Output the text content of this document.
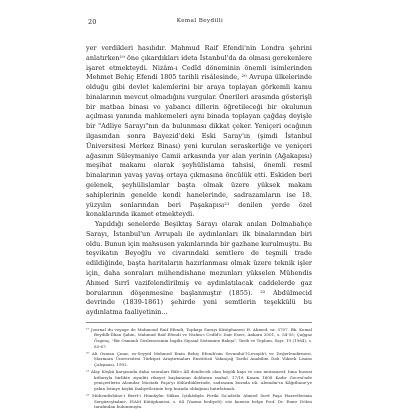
20	Kemal Beydilli

yer verdikleri hasılıdır. Mahmud Raif Efendi'nin Londra şehrini anlatırken¹⁹ öne çıkardıkları ideta İstanbul'da da olması gerekenlere işaret etmekteydi. Nizâm-ı Cedîd döneminin önemli isimlerinden Mehmet Behiç Efendi 1805 tarihli risâlesinde, ²⁰ Avrupa ülkelerinde olduğu gibi devlet kalemlerini bir araya toplayan görkemli kamu binalarının mevcut olmadığını vurgular. Önerileri arasında gösterişli bir matbaa binası ve yabancı dillerin öğretileceği bir okulunun açılması yanında mahkemeleri aynı binada toplayan çağdaş deyişle bir "Adliye Sarayı"nın da bulunması dikkat çeker. Yeniçeri ocağının ilgasından sonra Bayezid'deki Eski Saray'ın (şimdi İstanbul Üniversitesi Merkez Binası) yeni kurulan seraskerliğe ve yeniçeri ağasının Süleymaniye Camii arkasında yer alan yerinin (Ağakapısı) meşihat makamı olarak şeyhülislama tahsisi, önemli resmî binalarının yavaş yavaş ortaya çıkmasına öncülük etti. Eskiden beri gelenek, şeyhülislamlar başta olmak üzere yüksek makam sahiplerinin genelde kendi hanelerinde, sadrazamların ise 18. yüzyılın sonlarından beri Paşakapısı²¹ denilen yerde özel konaklarında ikamet etmekteydi.

Yapıldığı senelerde Beşiktaş Sarayı olarak anılan Dolmabahçe Sarayı, İstanbul'un Avrupalı ile aydınlanları ilk binalarından biri oldu. Bunun için mahsusen yakınlarında bir gazhane kurulmuştu. Bu teşvikatın Beyoğlu ve civarındaki semtlere de teşmili trade edildiğinde, başta haritaların hazırlanması olmak üzere teknik işler için, daha sonraları mühendishane mezunları yükselen Mühendis Ahmed Sırrî vazifelendirilmiş ve aydınlatılacak caddelerde gaz borularının döşenmesine başlanmıştır (1855). ²² Abdülmecid devrinde (1839-1861) şehirde yeni semtlerin teşekkülü bu aydınlatma faaliyetinin...

¹⁹ Journal du voyage de Mahmoud Raif Efendi, Topkapı Sarayı Kütüphanesi H. Ahmed, nr. 3707. Bk. Kemal Beydilli-İlhan Şahin, Mahmud Raif Efendi ve Nizâm-ı Cedîd'e Dair Eseri, Ankara 2001, s. 54-55; Çağgaz Özgenç, "Bir Osmanlı Gözlemcisinin İngiliz Siyasal Sistemine Bakışı", Tarih ve Toplum, Sayı: 19 (1984), s. 63-67.

²⁰ Ali Osman Çınar, es-Seyyid Mehmed Emin Behiç Efendi'nin Sevanihü'l-Levayih'i ve Değerlendirmesi, Marmara Üniversitesi Türkiyat Araştırmaları Enstitüsü Yakınçağ Tarihi Anabilim Dalı Yüksek Lisans Çalışması, 1992.

²¹ Alay Köşkü karşısında daha sonraları Bâb-ı Âlî denilecek olan büyük kapı ve ona mutasarrıf, bina hususi kitlarıyla birlikte ziyaditi rikayet başkanının dolduran mahal. 17/18 Kasım 1808 Kadir Gecesi'nde yeniçerilerin Alemdar Mustafa Paşa'yı öldürdüklerinde, sadrazam burada idi. Alemdar'ın Kâğıthane'ye yakın İstinye köşkü faaliyetlerinin hep burada olduğunu hatırlatmalı.

²² Mühendishâne-i Berrî-i Hümâyûn Nâkısı İçtihâdıyla Feriki Sa'adetlu Ahmed Sırrî Paşa Hazretlerinin Sergüzeştnâme, İSAM Kütüphanesi, s. 64 (Yazma hediyeli); söz konusu belge Prof. Dr. Emre Dölen tarafından bulunmuştu.
